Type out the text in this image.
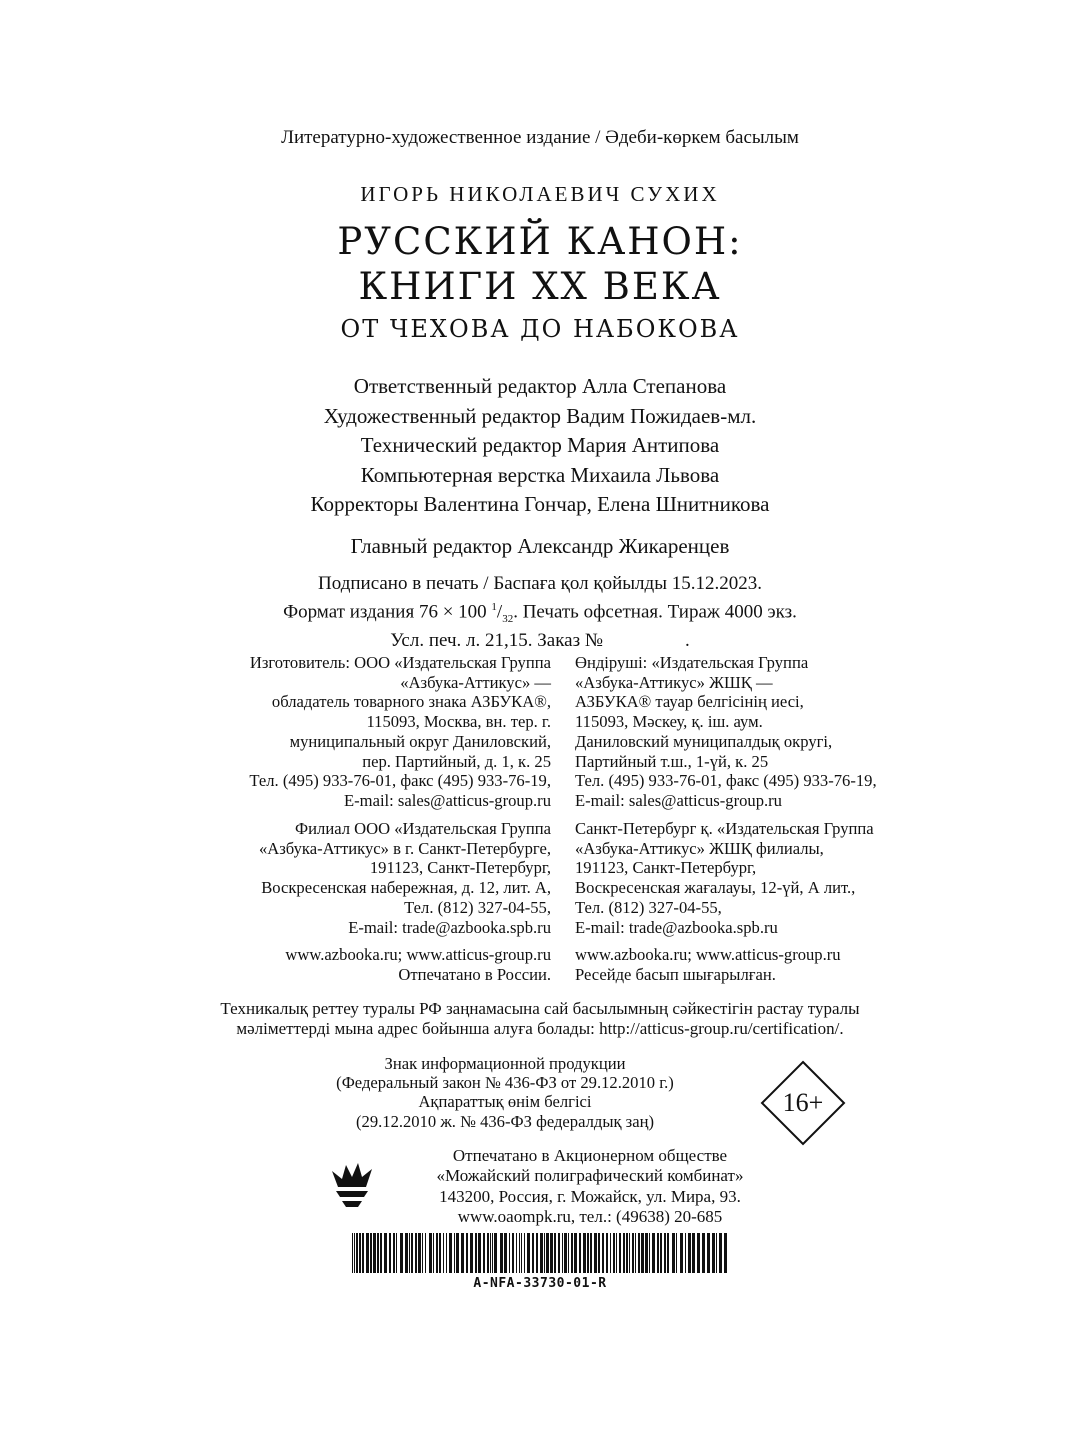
Литературно-художественное издание / Әдеби-көркем басылым
ИГОРЬ НИКОЛАЕВИЧ СУХИХ
РУССКИЙ КАНОН:
КНИГИ XX ВЕКА
ОТ ЧЕХОВА ДО НАБОКОВА
Ответственный редактор Алла Степанова
Художественный редактор Вадим Пожидаев-мл.
Технический редактор Мария Антипова
Компьютерная верстка Михаила Львова
Корректоры Валентина Гончар, Елена Шнитникова
Главный редактор Александр Жикаренцев
Подписано в печать / Баспаға қол қойылды 15.12.2023.
Формат издания 76 × 100 $^1/_{32}$. Печать офсетная. Тираж 4000 экз.
Усл. печ. л. 21,15. Заказ №	.
Изготовитель: ООО «Издательская Группа
«Азбука-Аттикус» —
обладатель товарного знака АЗБУКА®,
115093, Москва, вн. тер. г.
муниципальный округ Даниловский,
пер. Партийный, д. 1, к. 25
Тел. (495) 933-76-01, факс (495) 933-76-19,
E-mail: sales@atticus-group.ru
Өндіруші: «Издательская Группа
«Азбука-Аттикус» ЖШҚ —
АЗБУКА® тауар белгісінің иесі,
115093, Мәскеу, қ. іш. аум.
Даниловский муниципалдық округі,
Партийный т.ш., 1-үй, к. 25
Тел. (495) 933-76-01, факс (495) 933-76-19,
E-mail: sales@atticus-group.ru
Филиал ООО «Издательская Группа
«Азбука-Аттикус» в г. Санкт-Петербурге,
191123, Санкт-Петербург,
Воскресенская набережная, д. 12, лит. А,
Тел. (812) 327-04-55,
E-mail: trade@azbooka.spb.ru
Санкт-Петербург қ. «Издательская Группа
«Азбука-Аттикус» ЖШҚ филиалы,
191123, Санкт-Петербург,
Воскресенская жағалауы, 12-үй, А лит.,
Тел. (812) 327-04-55,
E-mail: trade@azbooka.spb.ru
www.azbooka.ru; www.atticus-group.ru
Отпечатано в России.
www.azbooka.ru; www.atticus-group.ru
Ресейде басып шығарылған.
Техникалық реттеу туралы РФ заңнамасына сай басылымның сәйкестігін растау туралы
мәліметтерді мына адрес бойынша алуға болады: http://atticus-group.ru/certification/.
Знак информационной продукции
(Федеральный закон № 436-ФЗ от 29.12.2010 г.)
Ақпараттық өнім белгісі
(29.12.2010 ж. № 436-ФЗ федералдық заң)
16+
Отпечатано в Акционерном обществе
«Можайский полиграфический комбинат»
143200, Россия, г. Можайск, ул. Мира, 93.
www.oaompk.ru, тел.: (49638) 20-685
A-NFA-33730-01-R
